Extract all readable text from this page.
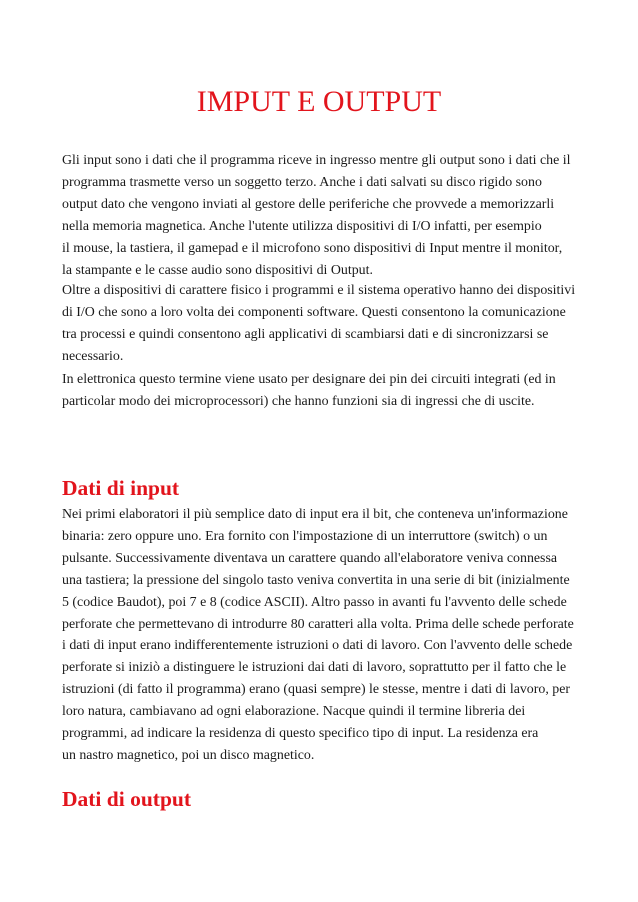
IMPUT E OUTPUT
Gli input sono i dati che il programma riceve in ingresso mentre gli output sono i dati che il
programma trasmette verso un soggetto terzo. Anche i dati salvati su disco rigido sono
output dato che vengono inviati al gestore delle periferiche che provvede a memorizzarli
nella memoria magnetica. Anche l'utente utilizza dispositivi di I/O infatti, per esempio
il mouse, la tastiera, il gamepad e il microfono sono dispositivi di Input mentre il monitor,
la stampante e le casse audio sono dispositivi di Output.
Oltre a dispositivi di carattere fisico i programmi e il sistema operativo hanno dei dispositivi
di I/O che sono a loro volta dei componenti software. Questi consentono la comunicazione
tra processi e quindi consentono agli applicativi di scambiarsi dati e di sincronizzarsi se
necessario.
In elettronica questo termine viene usato per designare dei pin dei circuiti integrati (ed in
particolar modo dei microprocessori) che hanno funzioni sia di ingressi che di uscite.
Dati di input
Nei primi elaboratori il più semplice dato di input era il bit, che conteneva un'informazione
binaria: zero oppure uno. Era fornito con l'impostazione di un interruttore (switch) o un
pulsante. Successivamente diventava un carattere quando all'elaboratore veniva connessa
una tastiera; la pressione del singolo tasto veniva convertita in una serie di bit (inizialmente
5 (codice Baudot), poi 7 e 8 (codice ASCII). Altro passo in avanti fu l'avvento delle schede
perforate che permettevano di introdurre 80 caratteri alla volta. Prima delle schede perforate
i dati di input erano indifferentemente istruzioni o dati di lavoro. Con l'avvento delle schede
perforate si iniziò a distinguere le istruzioni dai dati di lavoro, soprattutto per il fatto che le
istruzioni (di fatto il programma) erano (quasi sempre) le stesse, mentre i dati di lavoro, per
loro natura, cambiavano ad ogni elaborazione. Nacque quindi il termine libreria dei
programmi, ad indicare la residenza di questo specifico tipo di input. La residenza era
un nastro magnetico, poi un disco magnetico.
Dati di output
